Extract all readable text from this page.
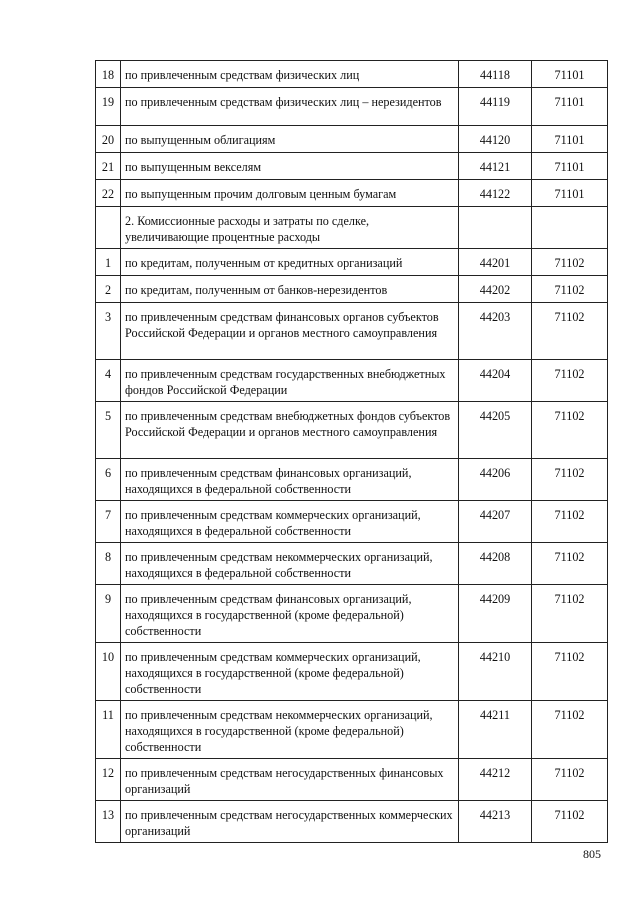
18	по привлеченным средствам физических лиц	44118	71101
19	по привлеченным средствам физических лиц – нерезидентов	44119	71101
20	по выпущенным облигациям	44120	71101
21	по выпущенным векселям	44121	71101
22	по выпущенным прочим долговым ценным бумагам	44122	71101
	2. Комиссионные расходы и затраты по сделке, увеличивающие процентные расходы		
1	по кредитам, полученным от кредитных организаций	44201	71102
2	по кредитам, полученным от банков-нерезидентов	44202	71102
3	по привлеченным средствам финансовых органов субъектов Российской Федерации и органов местного самоуправления	44203	71102
4	по привлеченным средствам государственных внебюджетных фондов Российской Федерации	44204	71102
5	по привлеченным средствам внебюджетных фондов субъектов Российской Федерации и органов местного самоуправления	44205	71102
6	по привлеченным средствам финансовых организаций, находящихся в федеральной собственности	44206	71102
7	по привлеченным средствам коммерческих организаций, находящихся в федеральной собственности	44207	71102
8	по привлеченным средствам некоммерческих организаций, находящихся в федеральной собственности	44208	71102
9	по привлеченным средствам финансовых организаций, находящихся в государственной (кроме федеральной) собственности	44209	71102
10	по привлеченным средствам коммерческих организаций, находящихся в государственной (кроме федеральной) собственности	44210	71102
11	по привлеченным средствам некоммерческих организаций, находящихся в государственной (кроме федеральной) собственности	44211	71102
12	по привлеченным средствам негосударственных финансовых организаций	44212	71102
13	по привлеченным средствам негосударственных коммерческих организаций	44213	71102
805
